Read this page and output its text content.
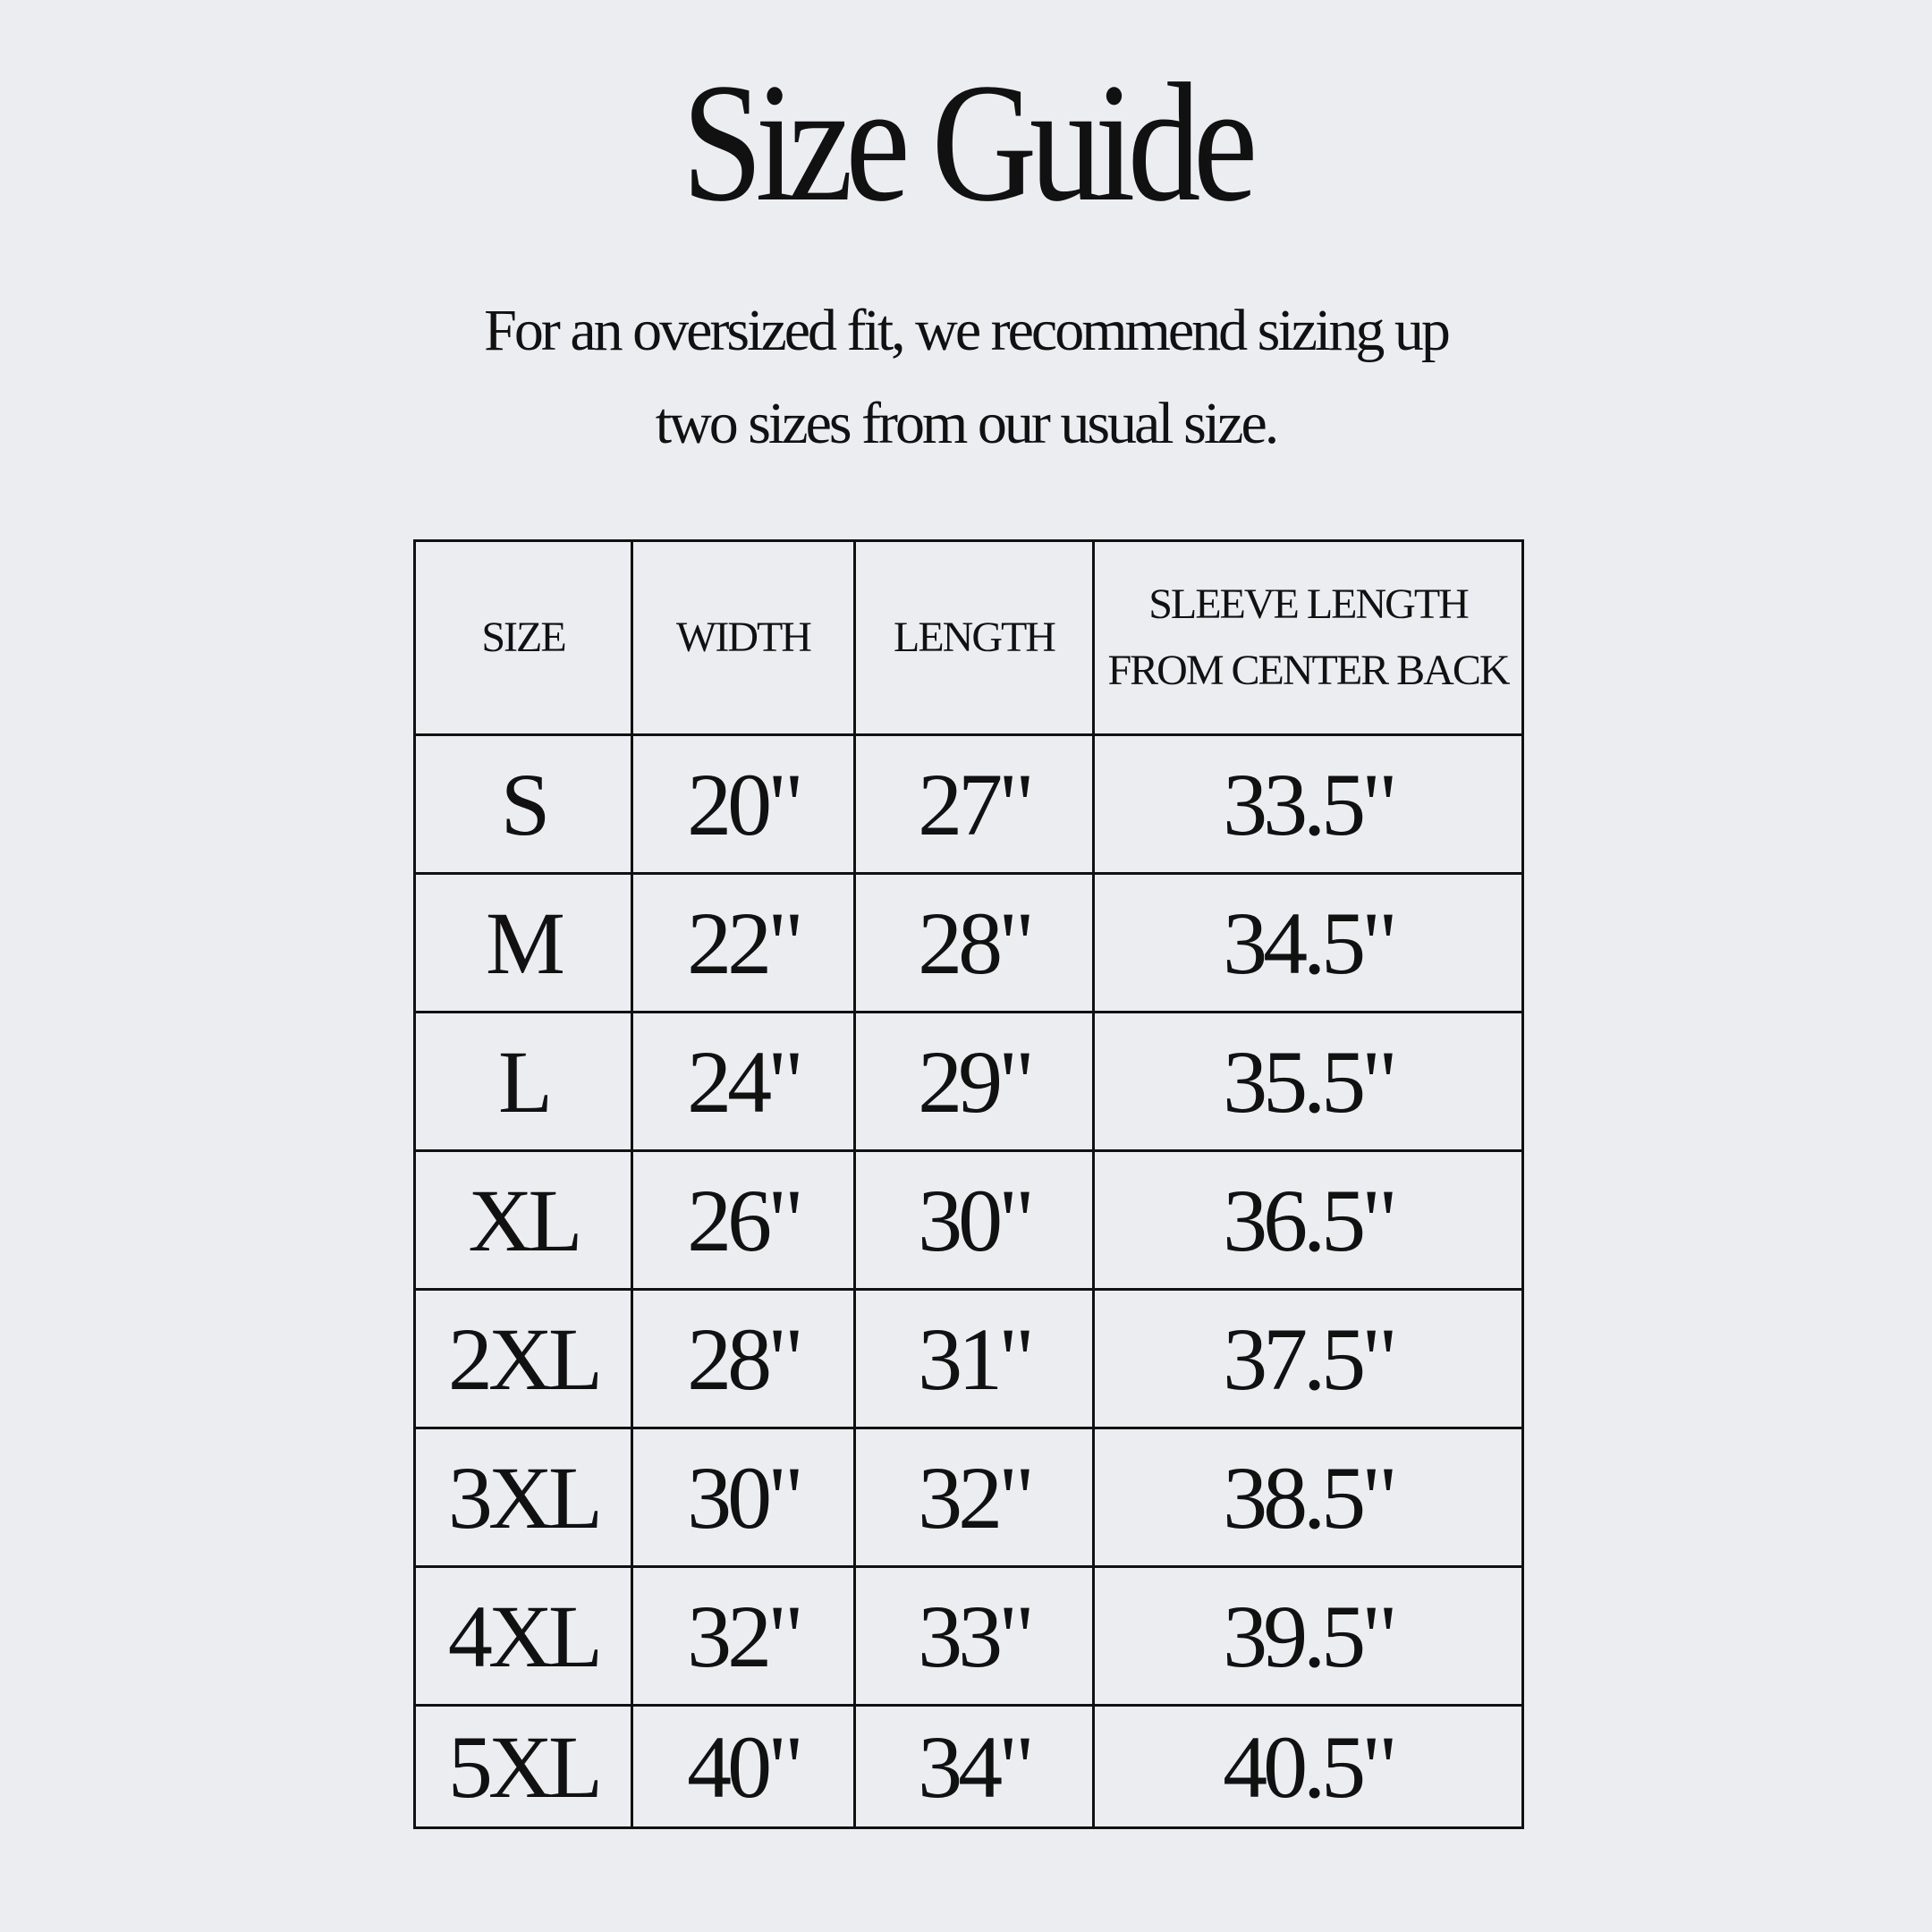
Size Guide

For an oversized fit, we recommend sizing up
two sizes from our usual size.

SIZE	WIDTH	LENGTH	SLEEVE LENGTH
FROM CENTER BACK

S	20"	27"	33.5"
M	22"	28"	34.5"
L	24"	29"	35.5"
XL	26"	30"	36.5"
2XL	28"	31"	37.5"
3XL	30"	32"	38.5"
4XL	32"	33"	39.5"
5XL	40"	34"	40.5"
